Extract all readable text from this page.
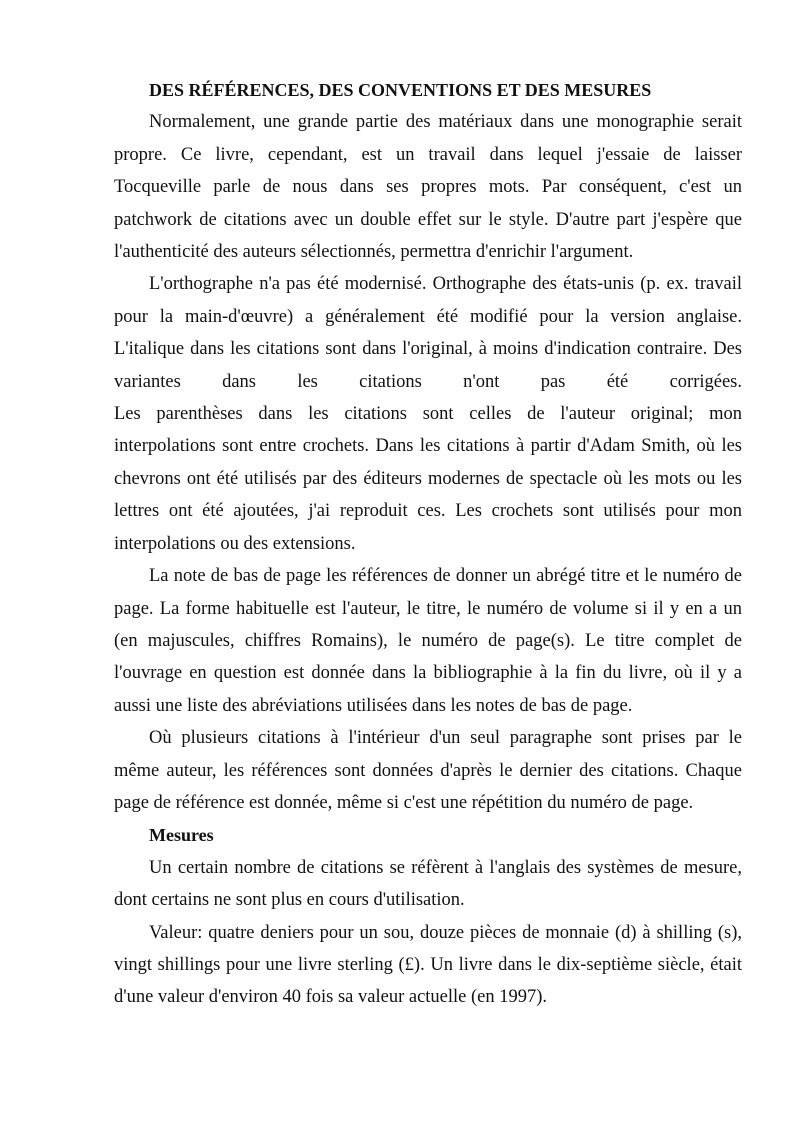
DES RÉFÉRENCES, DES CONVENTIONS ET DES MESURES

Normalement, une grande partie des matériaux dans une monographie serait
propre. Ce livre, cependant, est un travail dans lequel j'essaie de laisser
Tocqueville parle de nous dans ses propres mots. Par conséquent, c'est un
patchwork de citations avec un double effet sur le style. D'autre part j'espère que
l'authenticité des auteurs sélectionnés, permettra d'enrichir l'argument.
L'orthographe n'a pas été modernisé. Orthographe des états-unis (p. ex. travail
pour la main-d'œuvre) a généralement été modifié pour la version anglaise.
L'italique dans les citations sont dans l'original, à moins d'indication contraire. Des
variantes dans les citations n'ont pas été corrigées.
Les parenthèses dans les citations sont celles de l'auteur original; mon
interpolations sont entre crochets. Dans les citations à partir d'Adam Smith, où les
chevrons ont été utilisés par des éditeurs modernes de spectacle où les mots ou les
lettres ont été ajoutées, j'ai reproduit ces. Les crochets sont utilisés pour mon
interpolations ou des extensions.
La note de bas de page les références de donner un abrégé titre et le numéro de
page. La forme habituelle est l'auteur, le titre, le numéro de volume si il y en a un
(en majuscules, chiffres Romains), le numéro de page(s). Le titre complet de
l'ouvrage en question est donnée dans la bibliographie à la fin du livre, où il y a
aussi une liste des abréviations utilisées dans les notes de bas de page.
Où plusieurs citations à l'intérieur d'un seul paragraphe sont prises par le
même auteur, les références sont données d'après le dernier des citations. Chaque
page de référence est donnée, même si c'est une répétition du numéro de page.

Mesures

Un certain nombre de citations se réfèrent à l'anglais des systèmes de mesure,
dont certains ne sont plus en cours d'utilisation.
Valeur: quatre deniers pour un sou, douze pièces de monnaie (d) à shilling (s),
vingt shillings pour une livre sterling (£). Un livre dans le dix-septième siècle, était
d'une valeur d'environ 40 fois sa valeur actuelle (en 1997).
